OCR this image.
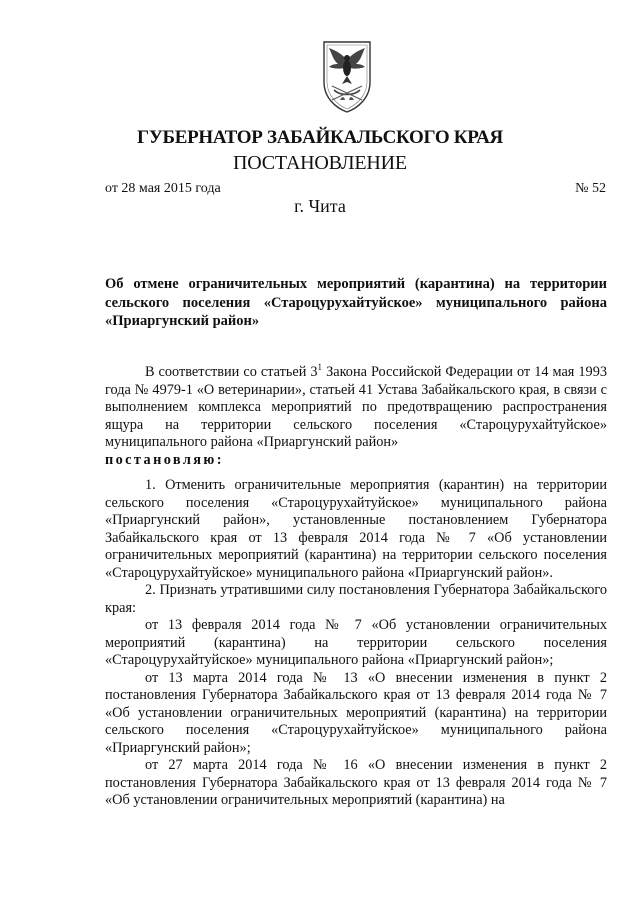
ГУБЕРНАТОР ЗАБАЙКАЛЬСКОГО КРАЯ
ПОСТАНОВЛЕНИЕ
от 28 мая 2015 года	№ 52
г. Чита

Об отмене ограничительных мероприятий (карантина) на территории сельского поселения «Староцурухайтуйское» муниципального района «Приаргунский район»

В соответствии со статьей $3^1$ Закона Российской Федерации от 14 мая 1993 года № 4979-1 «О ветеринарии», статьей 41 Устава Забайкальского края, в связи с выполнением комплекса мероприятий по предотвращению распространения ящура на территории сельского поселения «Староцурухайтуйское» муниципального района «Приаргунский район»
постановляю:

1. Отменить ограничительные мероприятия (карантин) на территории сельского поселения «Староцурухайтуйское» муниципального района «Приаргунский район», установленные постановлением Губернатора Забайкальского края от 13 февраля 2014 года № 7 «Об установлении ограничительных мероприятий (карантина) на территории сельского поселения «Староцурухайтуйское» муниципального района «Приаргунский район».

2. Признать утратившими силу постановления Губернатора Забайкальского края:

от 13 февраля 2014 года № 7 «Об установлении ограничительных мероприятий (карантина) на территории сельского поселения «Староцурухайтуйское» муниципального района «Приаргунский район»;

от 13 марта 2014 года № 13 «О внесении изменения в пункт 2 постановления Губернатора Забайкальского края от 13 февраля 2014 года № 7 «Об установлении ограничительных мероприятий (карантина) на территории сельского поселения «Староцурухайтуйское» муниципального района «Приаргунский район»;

от 27 марта 2014 года № 16 «О внесении изменения в пункт 2 постановления Губернатора Забайкальского края от 13 февраля 2014 года № 7 «Об установлении ограничительных мероприятий (карантина) на
